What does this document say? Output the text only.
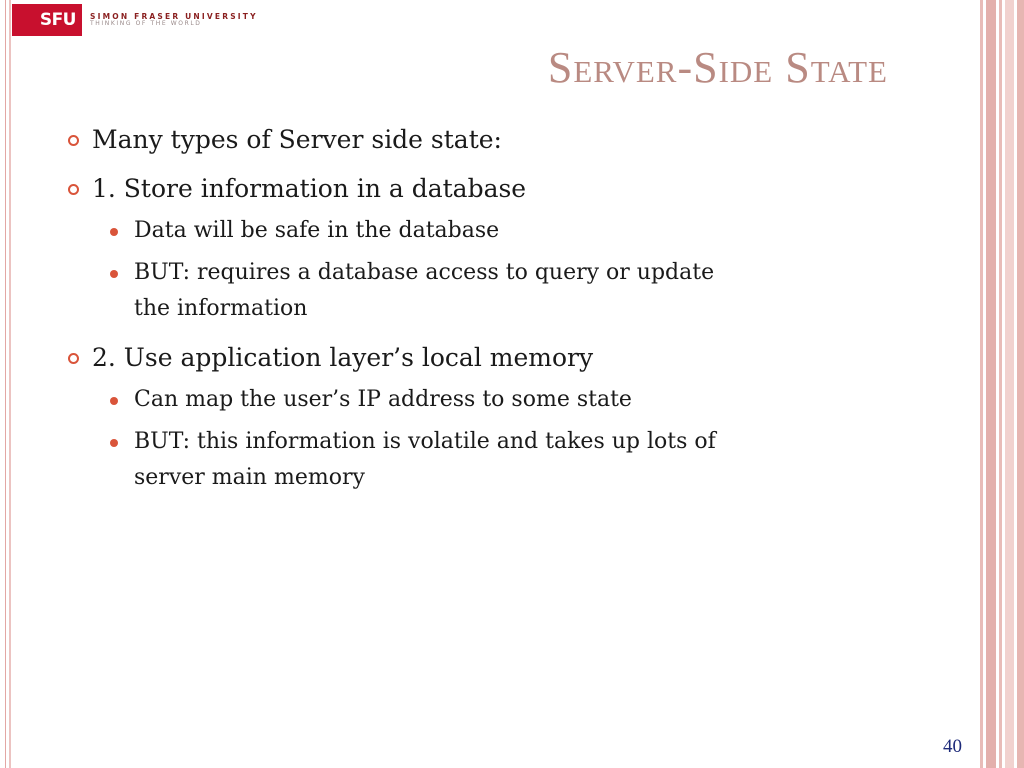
SFU	SIMON FRASER UNIVERSITY
THINKING OF THE WORLD
Server-Side State
Many types of Server side state:
1. Store information in a database
Data will be safe in the database
BUT: requires a database access to query or update
the information
2. Use application layer’s local memory
Can map the user’s IP address to some state
BUT: this information is volatile and takes up lots of
server main memory
40
